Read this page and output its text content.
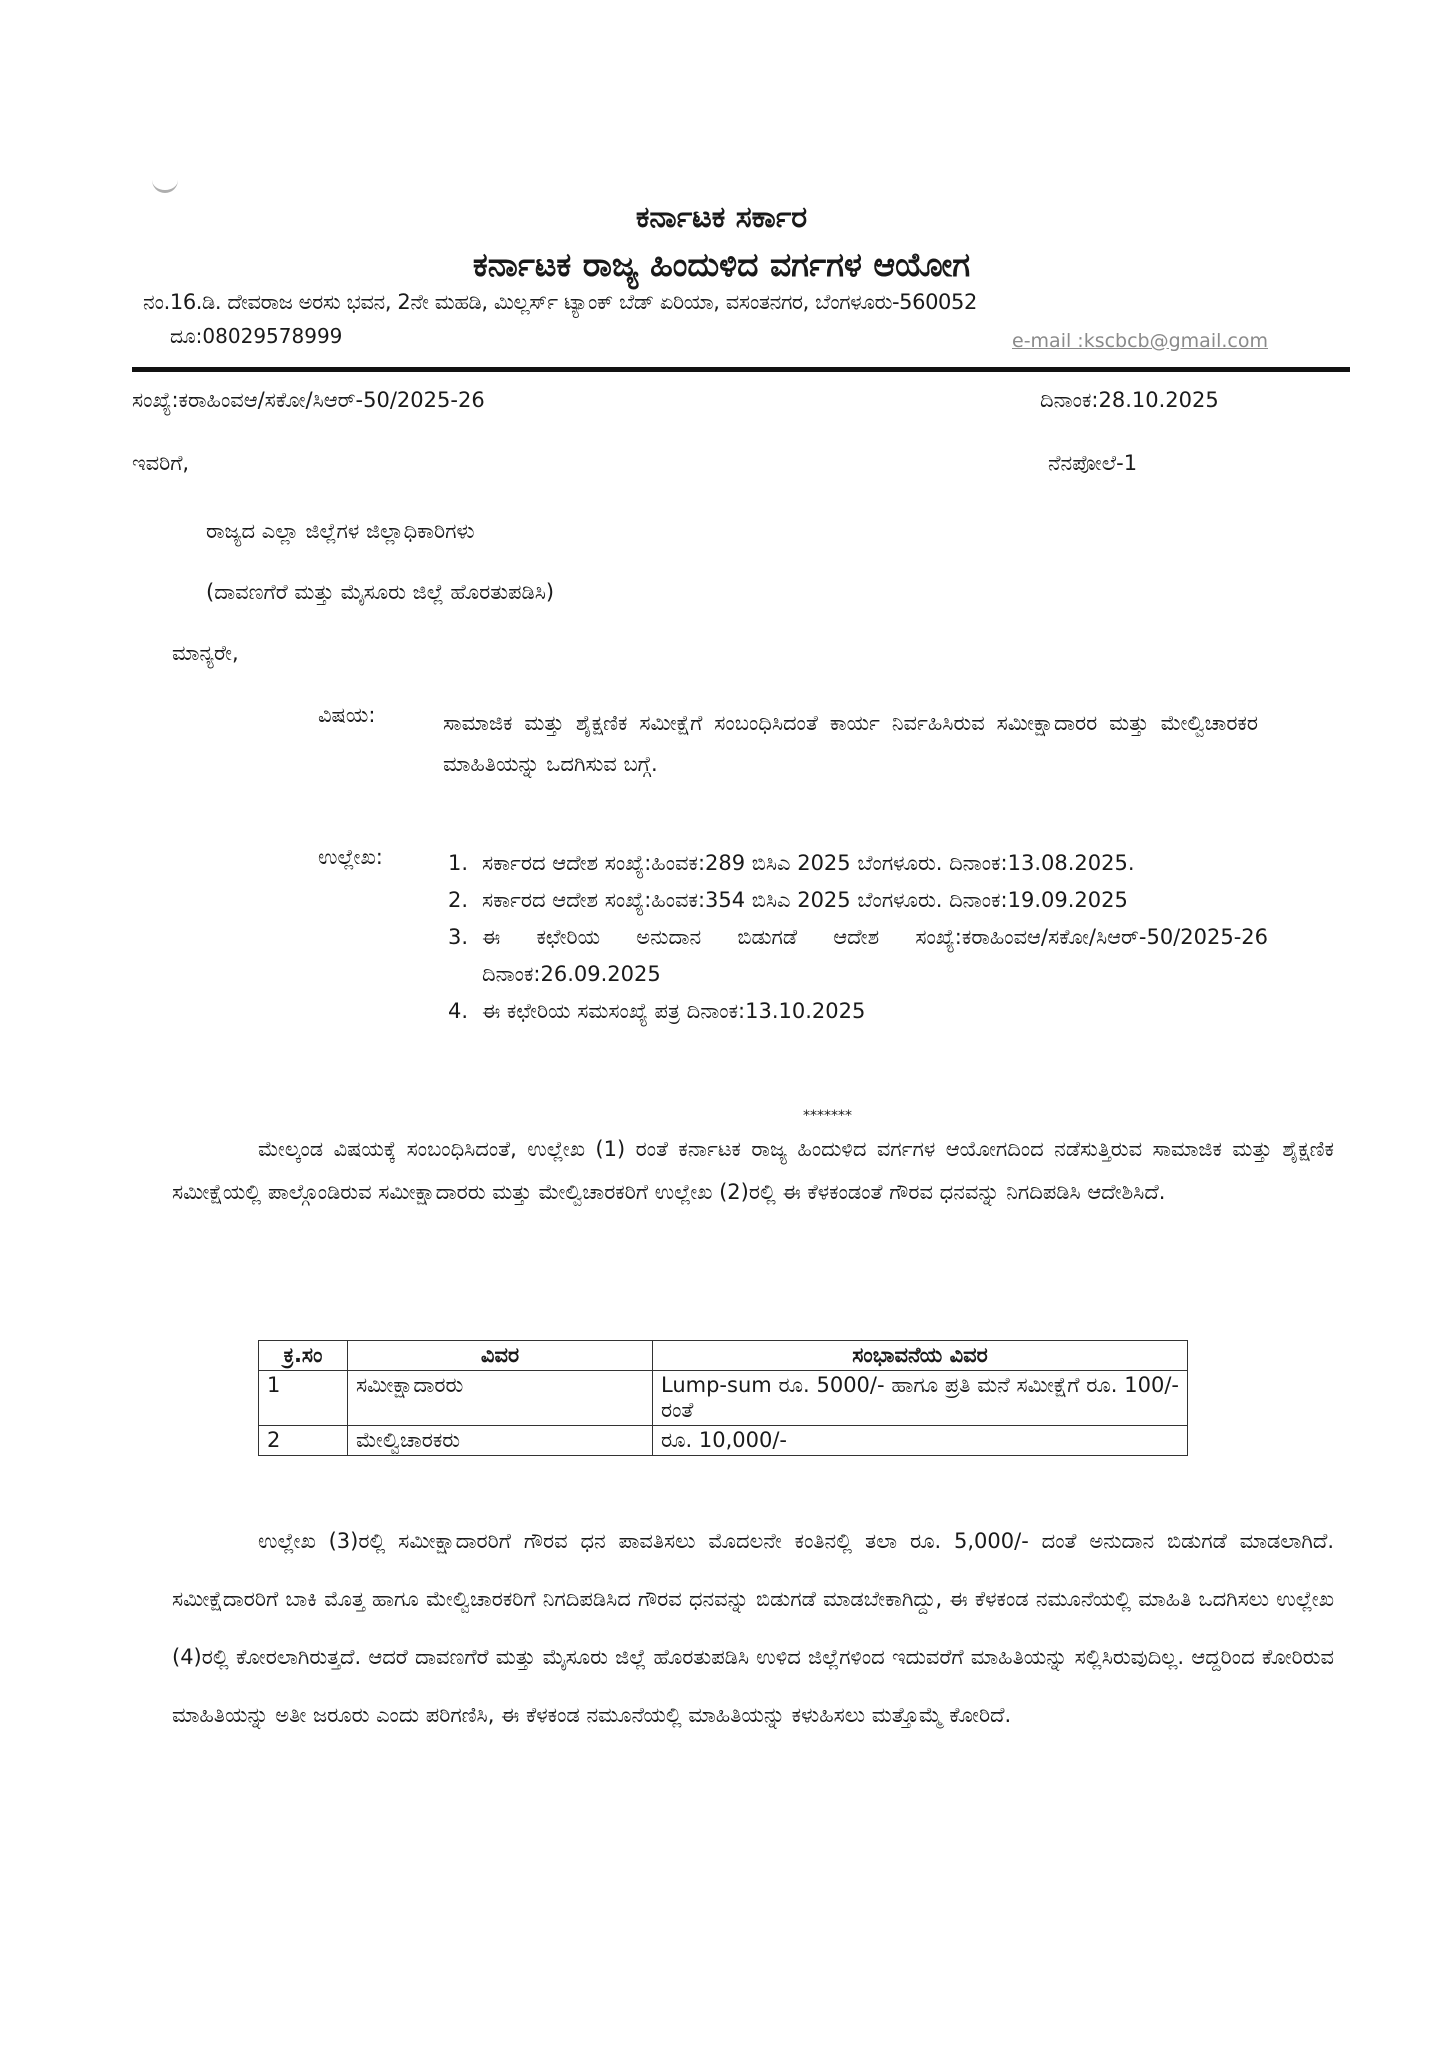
ಕರ್ನಾಟಕ ಸರ್ಕಾರ
ಕರ್ನಾಟಕ ರಾಜ್ಯ ಹಿಂದುಳಿದ ವರ್ಗಗಳ ಆಯೋಗ
ನಂ.16.ಡಿ. ದೇವರಾಜ ಅರಸು ಭವನ, 2ನೇ ಮಹಡಿ, ಮಿಲ್ಲರ್ಸ್ ಟ್ಯಾಂಕ್ ಬೆಡ್ ಏರಿಯಾ, ವಸಂತನಗರ, ಬೆಂಗಳೂರು-560052
ದೂ:08029578999	e-mail :kscbcb@gmail.com
ಸಂಖ್ಯೆ:ಕರಾಹಿಂವಆ/ಸಕೋ/ಸಿಆರ್-50/2025-26	ದಿನಾಂಕ:28.10.2025
ಇವರಿಗೆ,	ನೆನಪೋಲೆ-1
ರಾಜ್ಯದ ಎಲ್ಲಾ ಜಿಲ್ಲೆಗಳ ಜಿಲ್ಲಾಧಿಕಾರಿಗಳು
(ದಾವಣಗೆರೆ ಮತ್ತು ಮೈಸೂರು ಜಿಲ್ಲೆ ಹೊರತುಪಡಿಸಿ)
ಮಾನ್ಯರೇ,
ವಿಷಯ:	ಸಾಮಾಜಿಕ ಮತ್ತು ಶೈಕ್ಷಣಿಕ ಸಮೀಕ್ಷೆಗೆ ಸಂಬಂಧಿಸಿದಂತೆ ಕಾರ್ಯ ನಿರ್ವಹಿಸಿರುವ ಸಮೀಕ್ಷಾದಾರರ ಮತ್ತು ಮೇಲ್ವಿಚಾರಕರ ಮಾಹಿತಿಯನ್ನು ಒದಗಿಸುವ ಬಗ್ಗೆ.
ಉಲ್ಲೇಖ:	1. ಸರ್ಕಾರದ ಆದೇಶ ಸಂಖ್ಯೆ:ಹಿಂವಕ:289 ಬಿಸಿಎ 2025 ಬೆಂಗಳೂರು. ದಿನಾಂಕ:13.08.2025.
2. ಸರ್ಕಾರದ ಆದೇಶ ಸಂಖ್ಯೆ:ಹಿಂವಕ:354 ಬಿಸಿಎ 2025 ಬೆಂಗಳೂರು. ದಿನಾಂಕ:19.09.2025
3. ಈ ಕಛೇರಿಯ ಅನುದಾನ ಬಿಡುಗಡೆ ಆದೇಶ ಸಂಖ್ಯೆ:ಕರಾಹಿಂವಆ/ಸಕೋ/ಸಿಆರ್-50/2025-26 ದಿನಾಂಕ:26.09.2025
4. ಈ ಕಛೇರಿಯ ಸಮಸಂಖ್ಯೆ ಪತ್ರ ದಿನಾಂಕ:13.10.2025
*******
ಮೇಲ್ಕಂಡ ವಿಷಯಕ್ಕೆ ಸಂಬಂಧಿಸಿದಂತೆ, ಉಲ್ಲೇಖ (1) ರಂತೆ ಕರ್ನಾಟಕ ರಾಜ್ಯ ಹಿಂದುಳಿದ ವರ್ಗಗಳ ಆಯೋಗದಿಂದ ನಡೆಸುತ್ತಿರುವ ಸಾಮಾಜಿಕ ಮತ್ತು ಶೈಕ್ಷಣಿಕ ಸಮೀಕ್ಷೆಯಲ್ಲಿ ಪಾಲ್ಗೊಂಡಿರುವ ಸಮೀಕ್ಷಾದಾರರು ಮತ್ತು ಮೇಲ್ವಿಚಾರಕರಿಗೆ ಉಲ್ಲೇಖ (2)ರಲ್ಲಿ ಈ ಕೆಳಕಂಡಂತೆ ಗೌರವ ಧನವನ್ನು ನಿಗದಿಪಡಿಸಿ ಆದೇಶಿಸಿದೆ.
ಕ್ರ.ಸಂ	ವಿವರ	ಸಂಭಾವನೆಯ ವಿವರ
1	ಸಮೀಕ್ಷಾದಾರರು	Lump-sum ರೂ. 5000/- ಹಾಗೂ ಪ್ರತಿ ಮನೆ ಸಮೀಕ್ಷೆಗೆ ರೂ. 100/- ರಂತೆ
2	ಮೇಲ್ವಿಚಾರಕರು	ರೂ. 10,000/-
ಉಲ್ಲೇಖ (3)ರಲ್ಲಿ ಸಮೀಕ್ಷಾದಾರರಿಗೆ ಗೌರವ ಧನ ಪಾವತಿಸಲು ಮೊದಲನೇ ಕಂತಿನಲ್ಲಿ ತಲಾ ರೂ. 5,000/- ದಂತೆ ಅನುದಾನ ಬಿಡುಗಡೆ ಮಾಡಲಾಗಿದೆ. ಸಮೀಕ್ಷೆದಾರರಿಗೆ ಬಾಕಿ ಮೊತ್ತ ಹಾಗೂ ಮೇಲ್ವಿಚಾರಕರಿಗೆ ನಿಗದಿಪಡಿಸಿದ ಗೌರವ ಧನವನ್ನು ಬಿಡುಗಡೆ ಮಾಡಬೇಕಾಗಿದ್ದು, ಈ ಕೆಳಕಂಡ ನಮೂನೆಯಲ್ಲಿ ಮಾಹಿತಿ ಒದಗಿಸಲು ಉಲ್ಲೇಖ (4)ರಲ್ಲಿ ಕೋರಲಾಗಿರುತ್ತದೆ. ಆದರೆ ದಾವಣಗೆರೆ ಮತ್ತು ಮೈಸೂರು ಜಿಲ್ಲೆ ಹೊರತುಪಡಿಸಿ ಉಳಿದ ಜಿಲ್ಲೆಗಳಿಂದ ಇದುವರೆಗೆ ಮಾಹಿತಿಯನ್ನು ಸಲ್ಲಿಸಿರುವುದಿಲ್ಲ. ಆದ್ದರಿಂದ ಕೋರಿರುವ ಮಾಹಿತಿಯನ್ನು ಅತೀ ಜರೂರು ಎಂದು ಪರಿಗಣಿಸಿ, ಈ ಕೆಳಕಂಡ ನಮೂನೆಯಲ್ಲಿ ಮಾಹಿತಿಯನ್ನು ಕಳುಹಿಸಲು ಮತ್ತೊಮ್ಮೆ ಕೋರಿದೆ.
